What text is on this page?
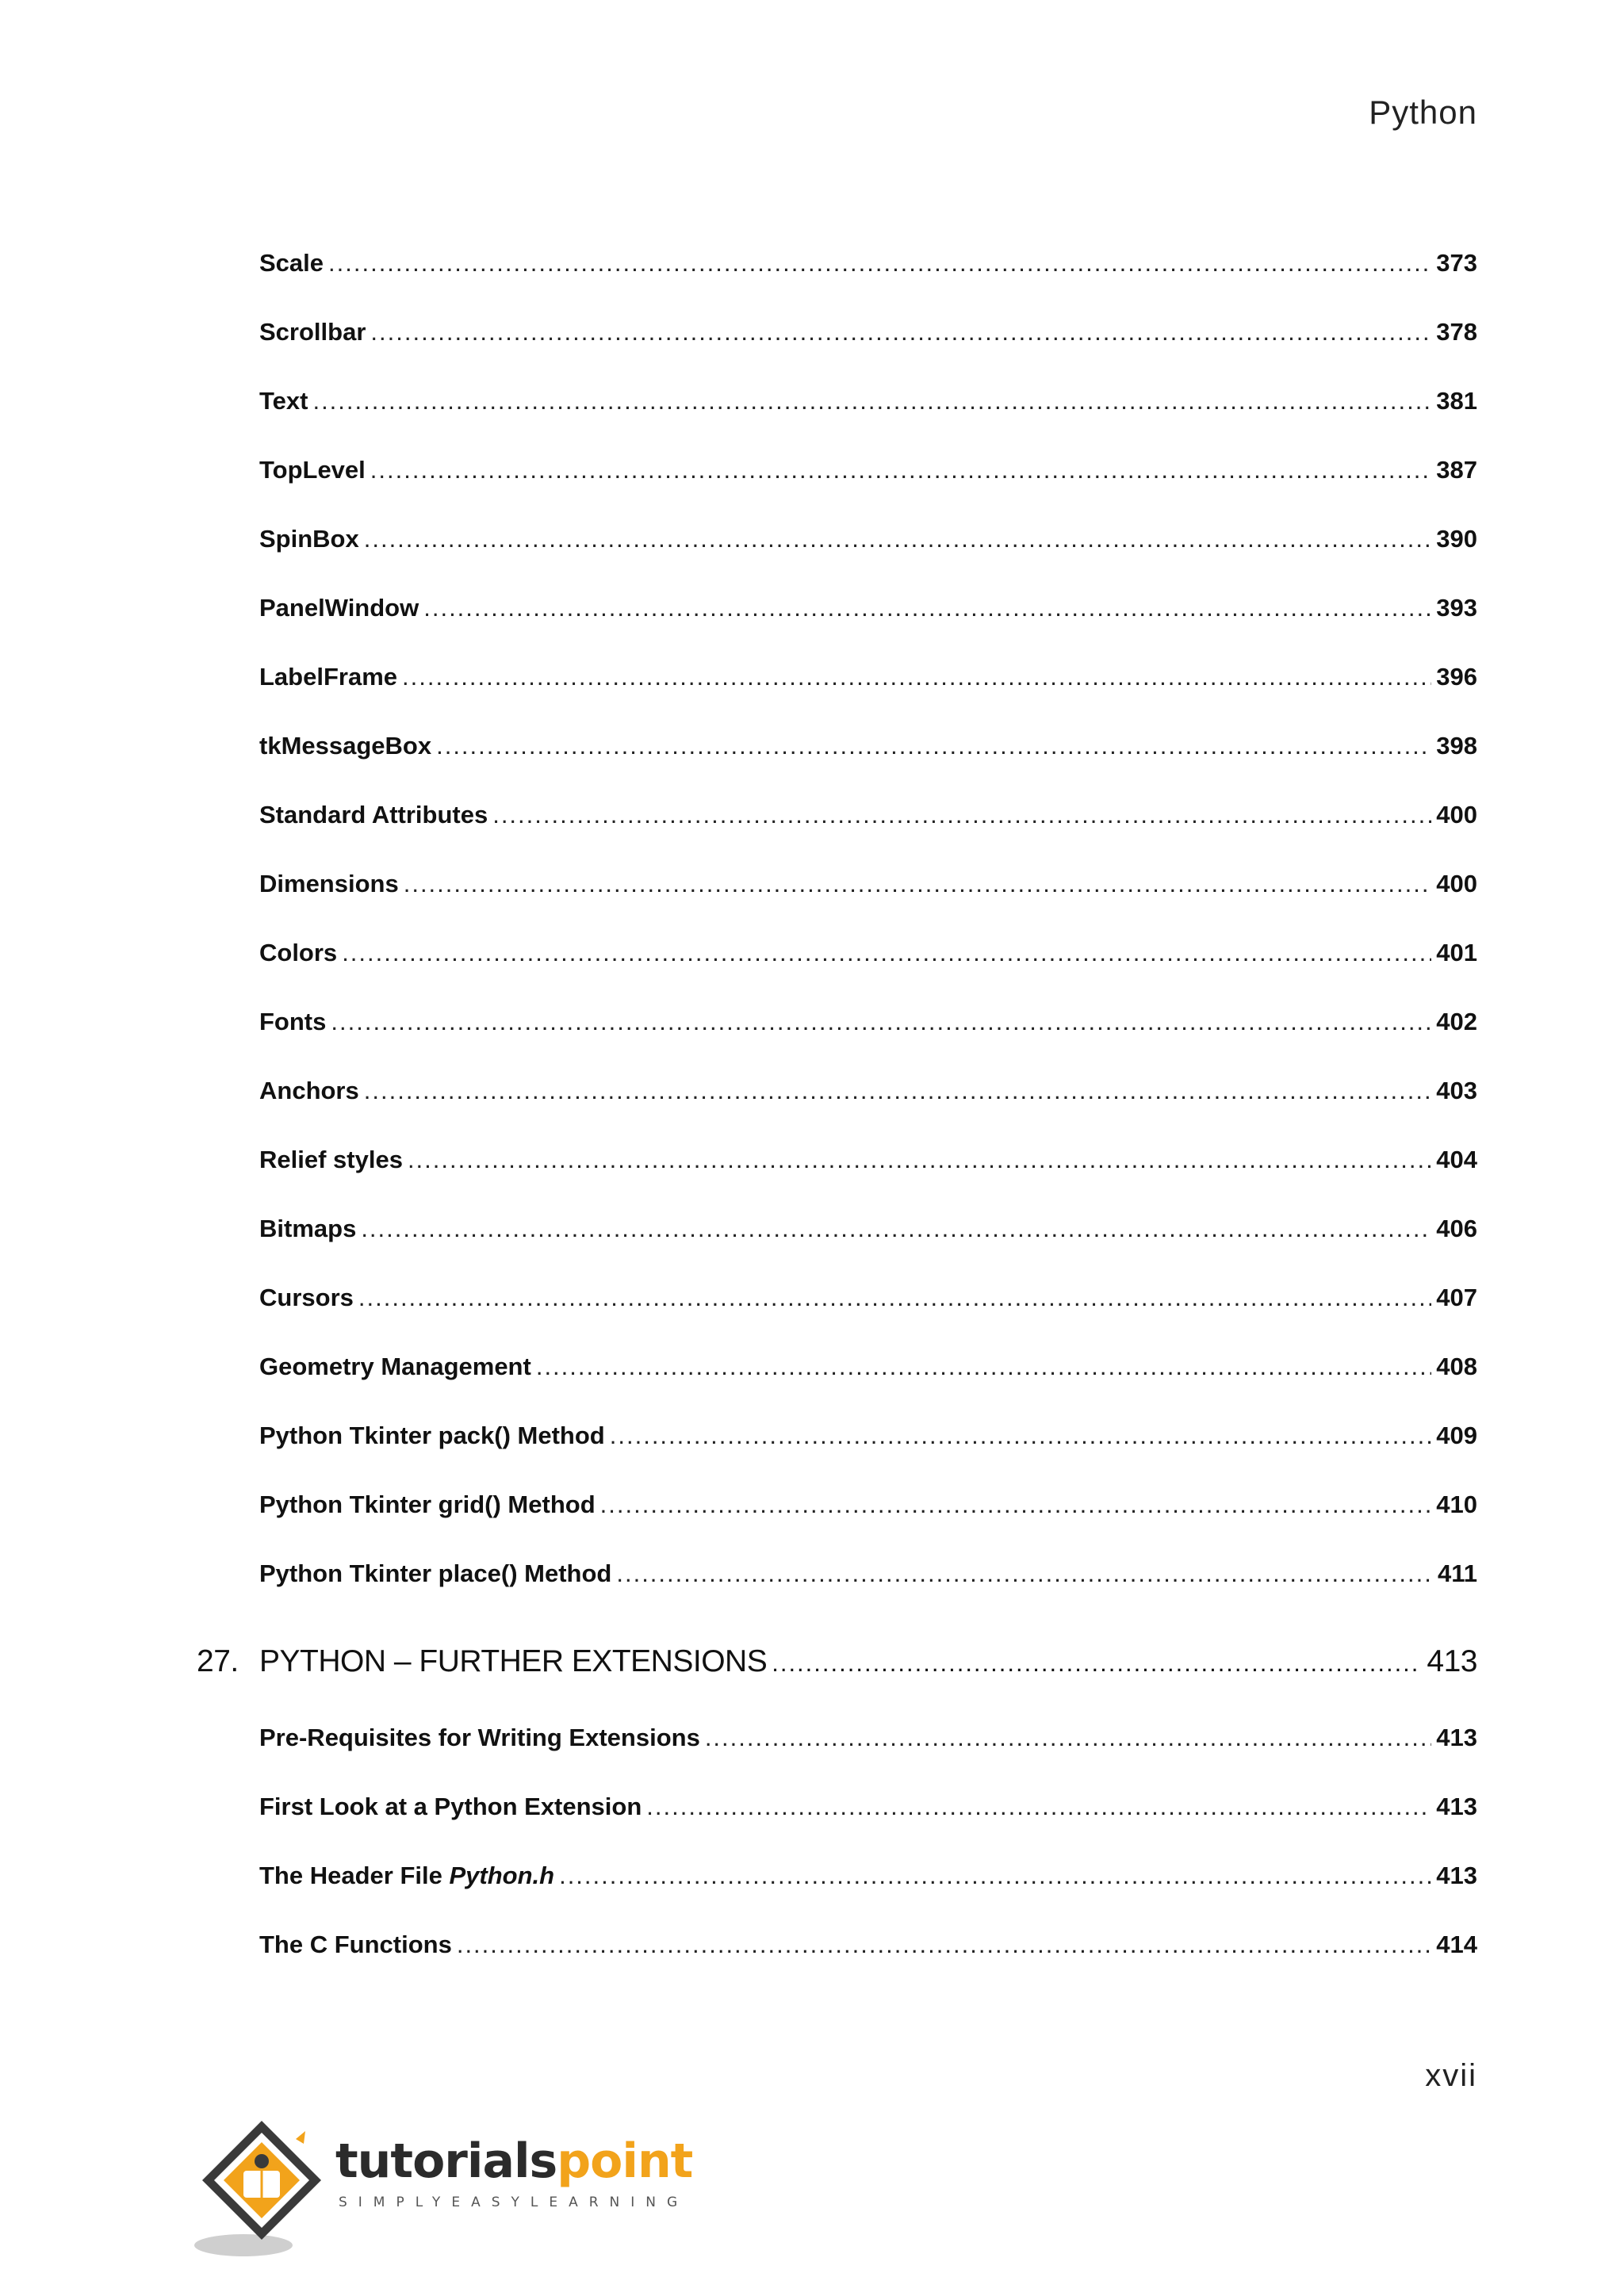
Python
Scale .....	373
Scrollbar .....	378
Text .....	381
TopLevel .....	387
SpinBox .....	390
PanelWindow .....	393
LabelFrame .....	396
tkMessageBox .....	398
Standard Attributes .....	400
Dimensions .....	400
Colors .....	401
Fonts .....	402
Anchors .....	403
Relief styles .....	404
Bitmaps .....	406
Cursors .....	407
Geometry Management .....	408
Python Tkinter pack() Method .....	409
Python Tkinter grid() Method .....	410
Python Tkinter place() Method .....	411
27. PYTHON – FURTHER EXTENSIONS .....	413
Pre-Requisites for Writing Extensions .....	413
First Look at a Python Extension .....	413
The Header File Python.h .....	413
The C Functions .....	414
xvii
tutorialspoint
SIMPLYEASYLEARNING
